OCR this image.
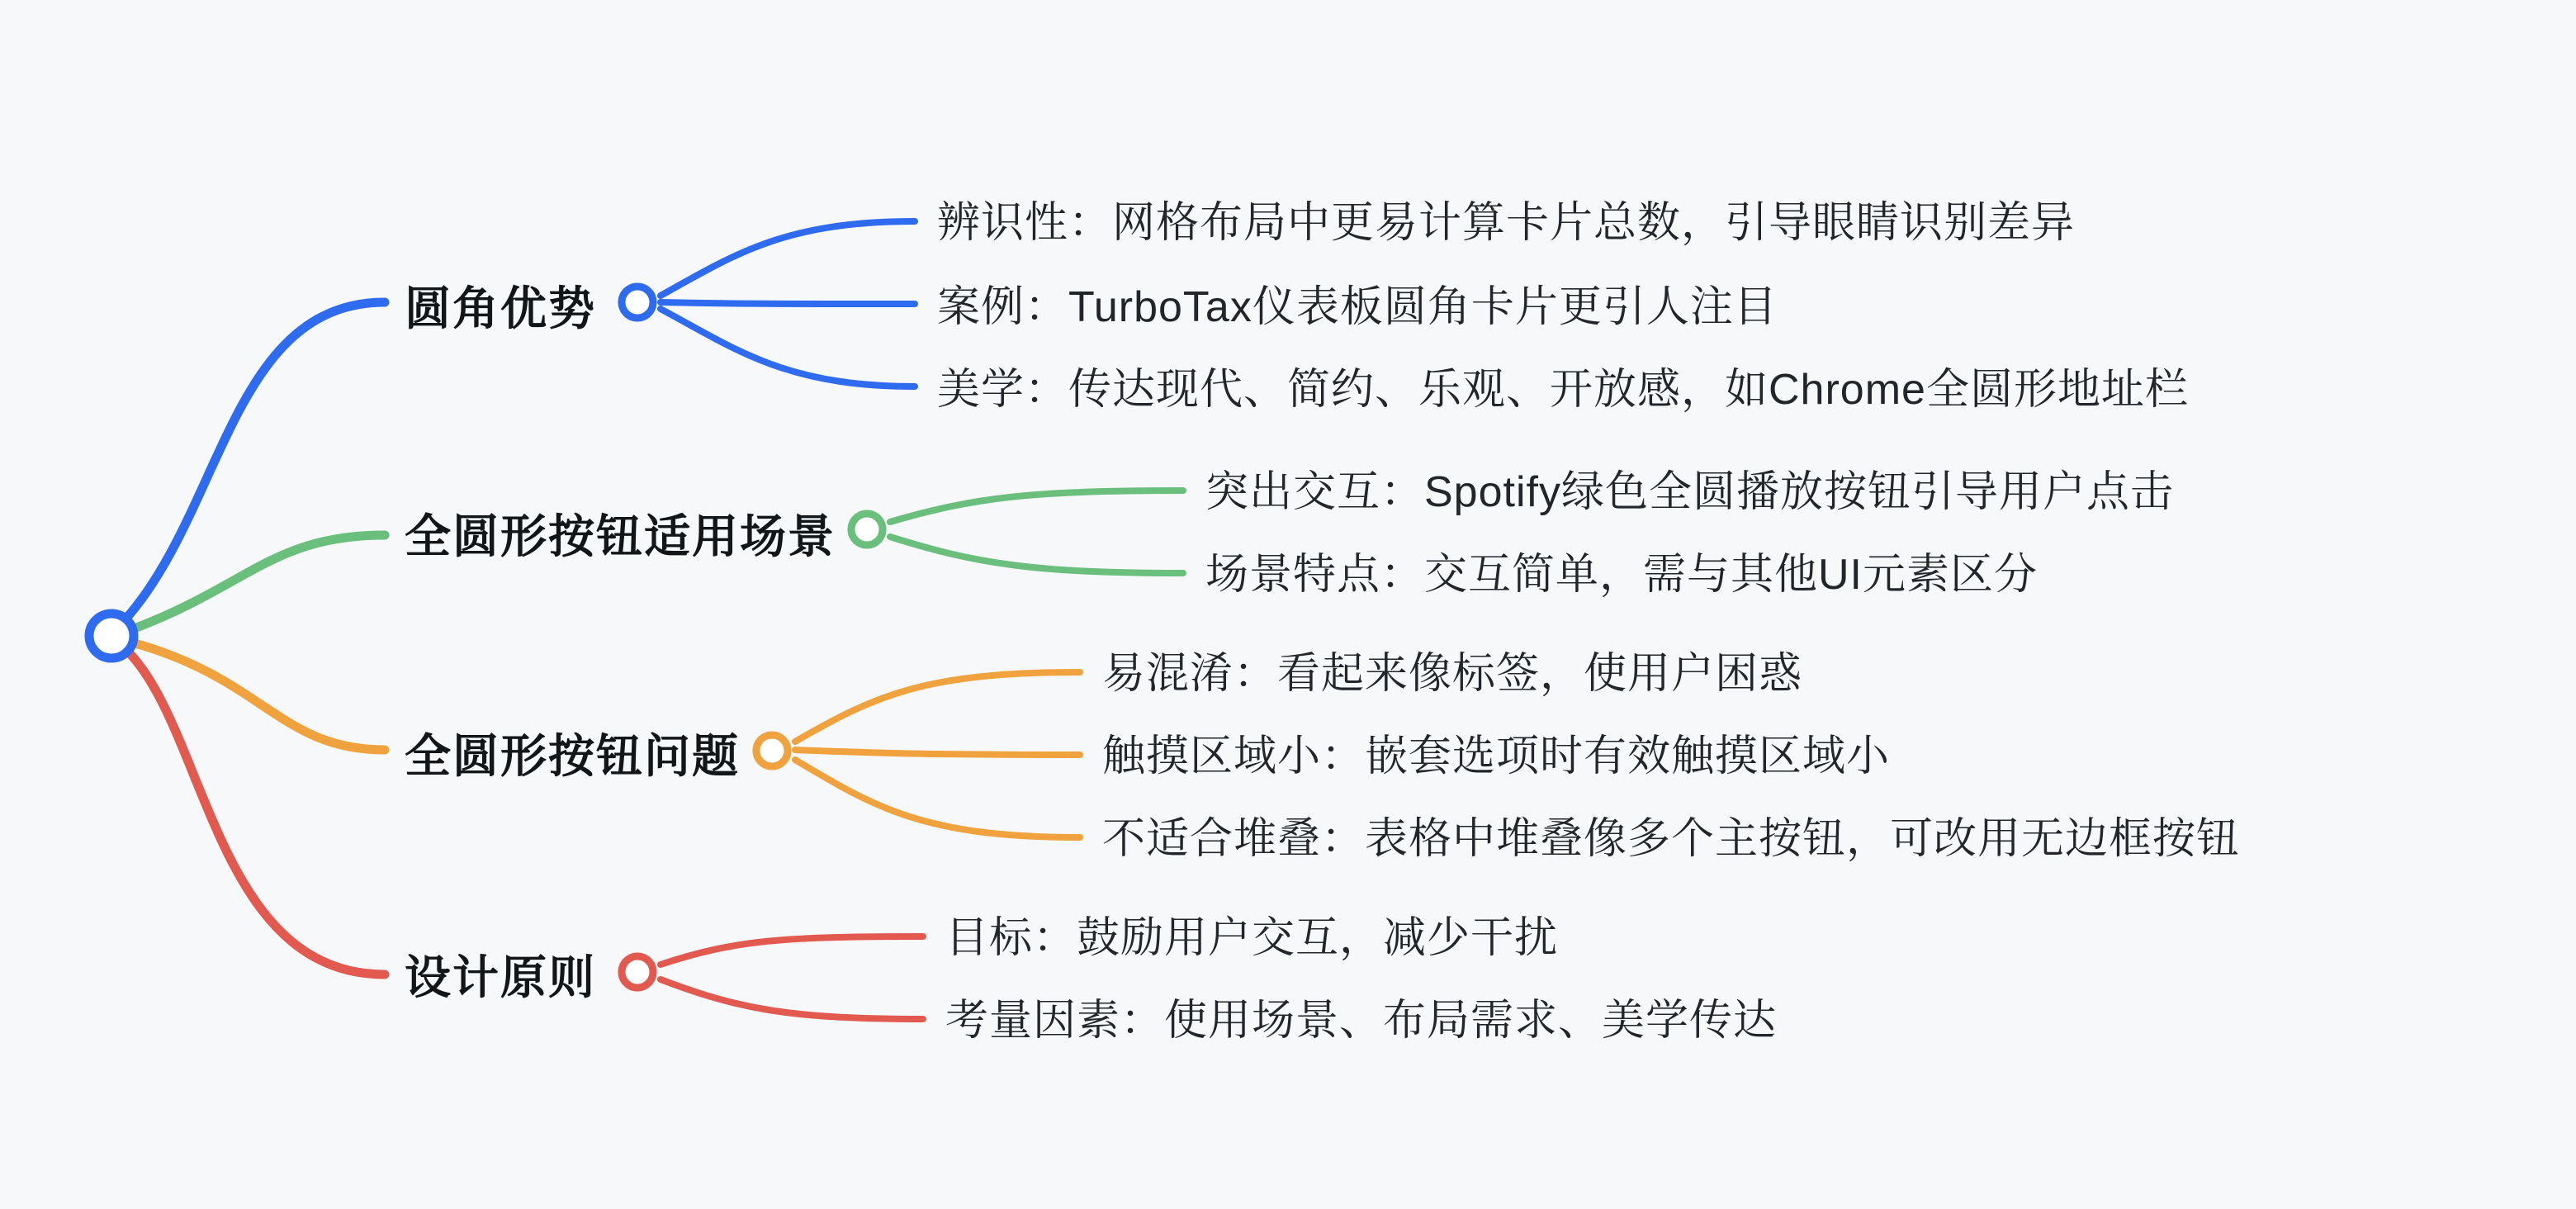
圆角优势
辨识性：网格布局中更易计算卡片总数，引导眼睛识别差异
案例：TurboTax仪表板圆角卡片更引人注目
美学：传达现代、简约、乐观、开放感，如Chrome全圆形地址栏
全圆形按钮适用场景
突出交互：Spotify绿色全圆播放按钮引导用户点击
场景特点：交互简单，需与其他UI元素区分
全圆形按钮问题
易混淆：看起来像标签，使用户困惑
触摸区域小：嵌套选项时有效触摸区域小
不适合堆叠：表格中堆叠像多个主按钮，可改用无边框按钮
设计原则
目标：鼓励用户交互，减少干扰
考量因素：使用场景、布局需求、美学传达
